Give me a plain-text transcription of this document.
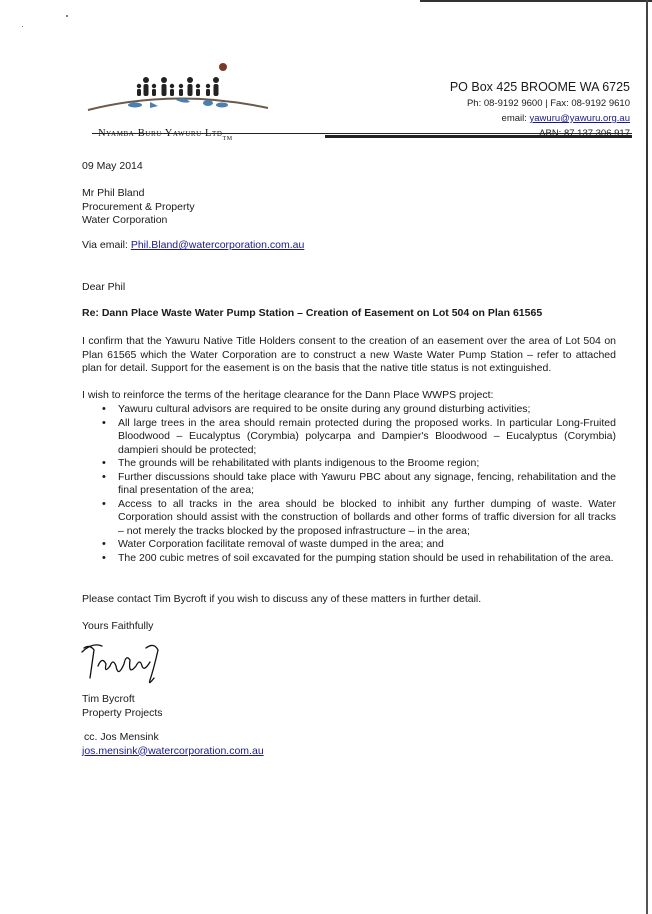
$_{TM}$
PO Box 425 BROOME WA 6725
Ph: 08-9192 9600 | Fax: 08-9192 9610
email: yawuru@yawuru.org.au
09 May 2014
Mr Phil Bland
Procurement & Property
Water Corporation
Via email: Phil.Bland@watercorporation.com.au
Dear Phil
Re: Dann Place Waste Water Pump Station – Creation of Easement on Lot 504 on Plan 61565
I confirm that the Yawuru Native Title Holders consent to the creation of an easement over the area of Lot 504 on Plan 61565 which the Water Corporation are to construct a new Waste Water Pump Station – refer to attached plan for detail. Support for the easement is on the basis that the native title status is not extinguished.
I wish to reinforce the terms of the heritage clearance for the Dann Place WWPS project:
• Yawuru cultural advisors are required to be onsite during any ground disturbing activities;
• All large trees in the area should remain protected during the proposed works. In particular Long-Fruited Bloodwood – Eucalyptus (Corymbia) polycarpa and Dampier's Bloodwood – Eucalyptus (Corymbia) dampieri should be protected;
• The grounds will be rehabilitated with plants indigenous to the Broome region;
• Further discussions should take place with Yawuru PBC about any signage, fencing, rehabilitation and the final presentation of the area;
• Access to all tracks in the area should be blocked to inhibit any further dumping of waste. Water Corporation should assist with the construction of bollards and other forms of traffic diversion for all tracks – not merely the tracks blocked by the proposed infrastructure – in the area;
• Water Corporation facilitate removal of waste dumped in the area; and
• The 200 cubic metres of soil excavated for the pumping station should be used in rehabilitation of the area.
Please contact Tim Bycroft if you wish to discuss any of these matters in further detail.
Yours Faithfully
Tim Bycroft
Property Projects
cc. Jos Mensink
jos.mensink@watercorporation.com.au
